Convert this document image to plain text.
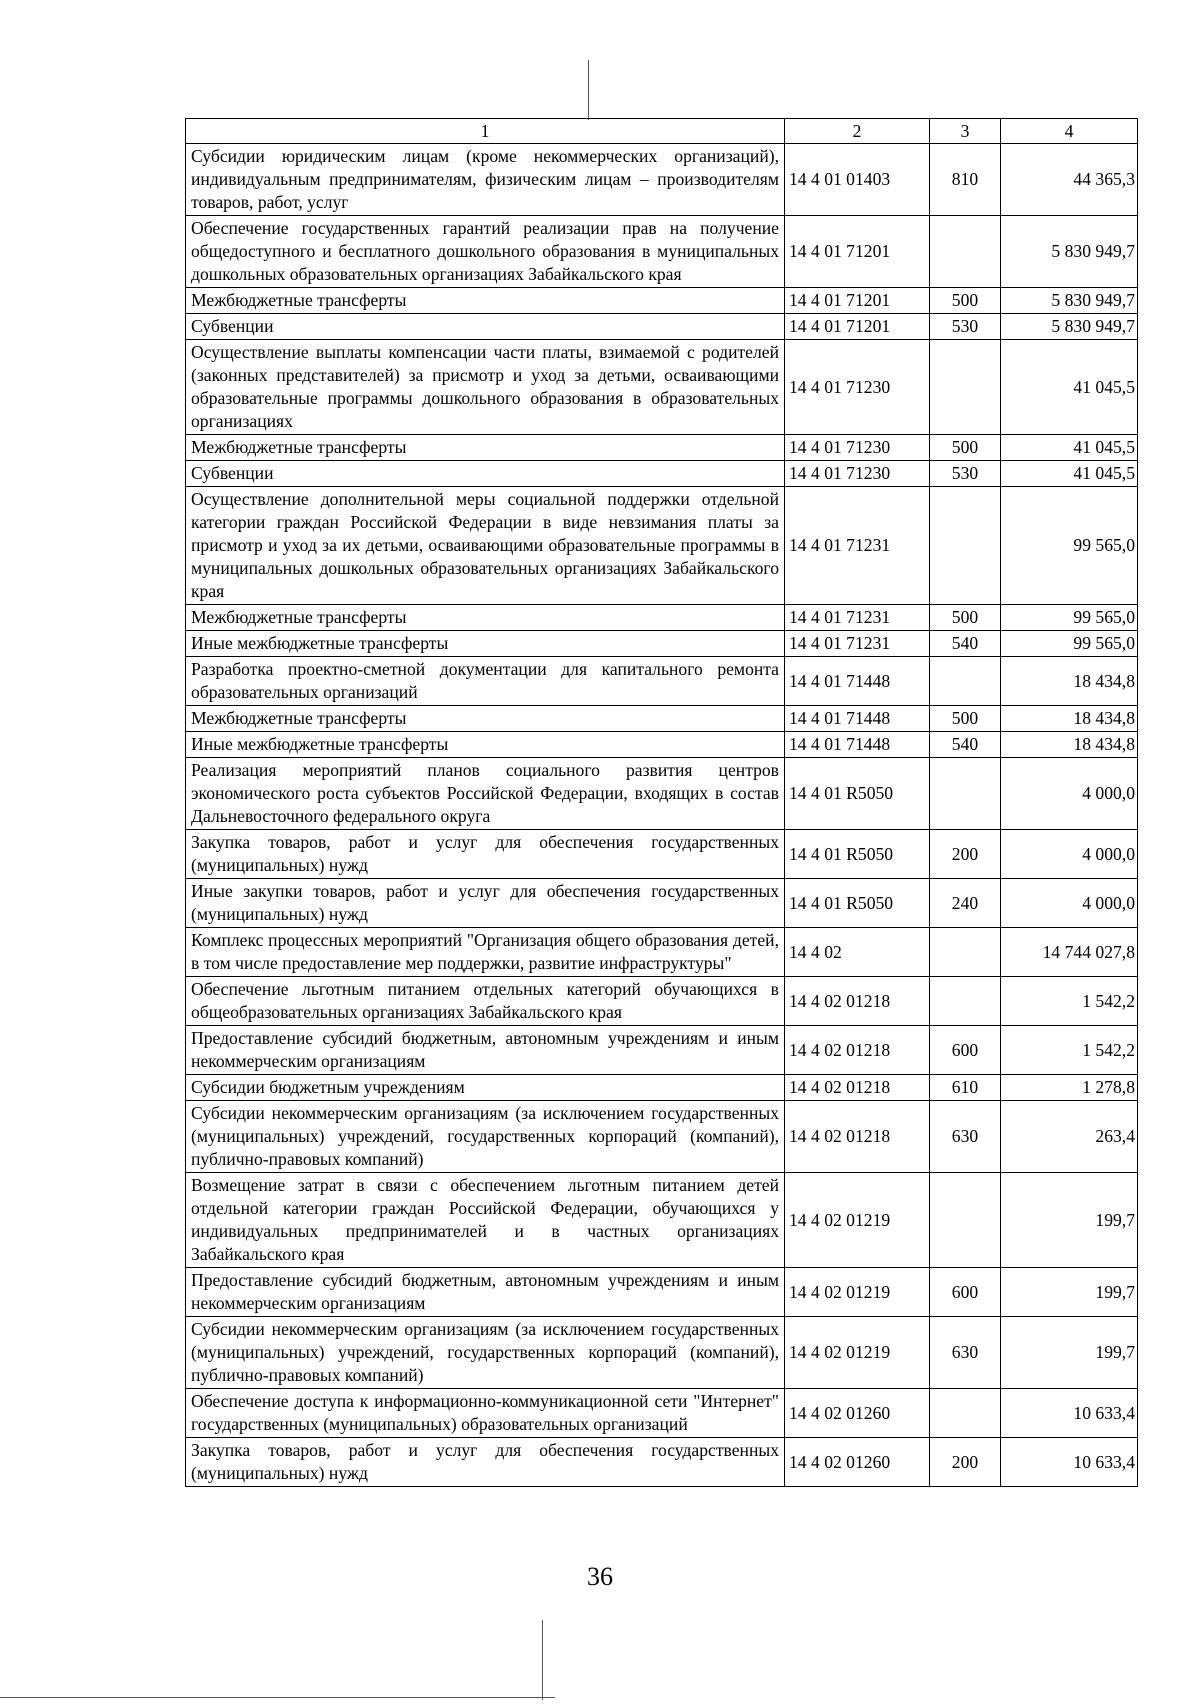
1	2	3	4
Субсидии юридическим лицам (кроме некоммерческих организаций), индивидуальным предпринимателям, физическим лицам – производителям товаров, работ, услуг	14 4 01 01403	810	44 365,3
Обеспечение государственных гарантий реализации прав на получение общедоступного и бесплатного дошкольного образования в муниципальных дошкольных образовательных организациях Забайкальского края	14 4 01 71201		5 830 949,7
Межбюджетные трансферты	14 4 01 71201	500	5 830 949,7
Субвенции	14 4 01 71201	530	5 830 949,7
Осуществление выплаты компенсации части платы, взимаемой с родителей (законных представителей) за присмотр и уход за детьми, осваивающими образовательные программы дошкольного образования в образовательных организациях	14 4 01 71230		41 045,5
Межбюджетные трансферты	14 4 01 71230	500	41 045,5
Субвенции	14 4 01 71230	530	41 045,5
Осуществление дополнительной меры социальной поддержки отдельной категории граждан Российской Федерации в виде невзимания платы за присмотр и уход за их детьми, осваивающими образовательные программы в муниципальных дошкольных образовательных организациях Забайкальского края	14 4 01 71231		99 565,0
Межбюджетные трансферты	14 4 01 71231	500	99 565,0
Иные межбюджетные трансферты	14 4 01 71231	540	99 565,0
Разработка проектно-сметной документации для капитального ремонта образовательных организаций	14 4 01 71448		18 434,8
Межбюджетные трансферты	14 4 01 71448	500	18 434,8
Иные межбюджетные трансферты	14 4 01 71448	540	18 434,8
Реализация мероприятий планов социального развития центров экономического роста субъектов Российской Федерации, входящих в состав Дальневосточного федерального округа	14 4 01 R5050		4 000,0
Закупка товаров, работ и услуг для обеспечения государственных (муниципальных) нужд	14 4 01 R5050	200	4 000,0
Иные закупки товаров, работ и услуг для обеспечения государственных (муниципальных) нужд	14 4 01 R5050	240	4 000,0
Комплекс процессных мероприятий "Организация общего образования детей, в том числе предоставление мер поддержки, развитие инфраструктуры"	14 4 02		14 744 027,8
Обеспечение льготным питанием отдельных категорий обучающихся в общеобразовательных организациях Забайкальского края	14 4 02 01218		1 542,2
Предоставление субсидий бюджетным, автономным учреждениям и иным некоммерческим организациям	14 4 02 01218	600	1 542,2
Субсидии бюджетным учреждениям	14 4 02 01218	610	1 278,8
Субсидии некоммерческим организациям (за исключением государственных (муниципальных) учреждений, государственных корпораций (компаний), публично-правовых компаний)	14 4 02 01218	630	263,4
Возмещение затрат в связи с обеспечением льготным питанием детей отдельной категории граждан Российской Федерации, обучающихся у индивидуальных предпринимателей и в частных организациях Забайкальского края	14 4 02 01219		199,7
Предоставление субсидий бюджетным, автономным учреждениям и иным некоммерческим организациям	14 4 02 01219	600	199,7
Субсидии некоммерческим организациям (за исключением государственных (муниципальных) учреждений, государственных корпораций (компаний), публично-правовых компаний)	14 4 02 01219	630	199,7
Обеспечение доступа к информационно-коммуникационной сети "Интернет" государственных (муниципальных) образовательных организаций	14 4 02 01260		10 633,4
Закупка товаров, работ и услуг для обеспечения государственных (муниципальных) нужд	14 4 02 01260	200	10 633,4
36
